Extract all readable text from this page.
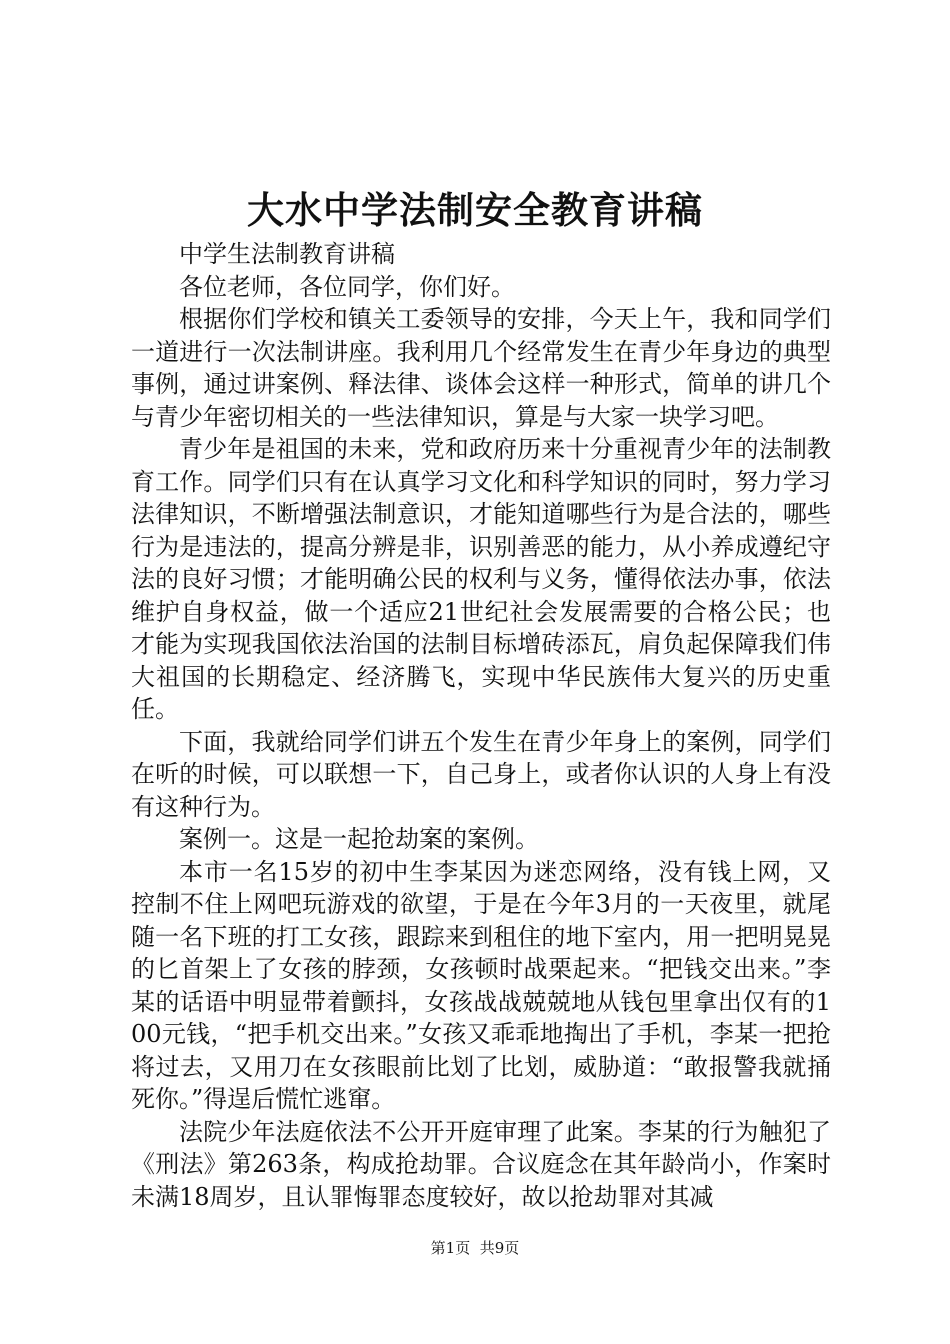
大水中学法制安全教育讲稿

中学生法制教育讲稿

各位老师，各位同学，你们好。

根据你们学校和镇关工委领导的安排，今天上午，我和同学们一道进行一次法制讲座。我利用几个经常发生在青少年身边的典型事例，通过讲案例、释法律、谈体会这样一种形式，简单的讲几个与青少年密切相关的一些法律知识，算是与大家一块学习吧。

青少年是祖国的未来，党和政府历来十分重视青少年的法制教育工作。同学们只有在认真学习文化和科学知识的同时，努力学习法律知识，不断增强法制意识，才能知道哪些行为是合法的，哪些行为是违法的，提高分辨是非，识别善恶的能力，从小养成遵纪守法的良好习惯；才能明确公民的权利与义务，懂得依法办事，依法维护自身权益，做一个适应21世纪社会发展需要的合格公民；也才能为实现我国依法治国的法制目标增砖添瓦，肩负起保障我们伟大祖国的长期稳定、经济腾飞，实现中华民族伟大复兴的历史重任。

下面，我就给同学们讲五个发生在青少年身上的案例，同学们在听的时候，可以联想一下，自己身上，或者你认识的人身上有没有这种行为。

案例一。这是一起抢劫案的案例。

本市一名15岁的初中生李某因为迷恋网络，没有钱上网，又控制不住上网吧玩游戏的欲望，于是在今年3月的一天夜里，就尾随一名下班的打工女孩，跟踪来到租住的地下室内，用一把明晃晃的匕首架上了女孩的脖颈，女孩顿时战栗起来。“把钱交出来。”李某的话语中明显带着颤抖，女孩战战兢兢地从钱包里拿出仅有的100元钱，“把手机交出来。”女孩又乖乖地掏出了手机，李某一把抢将过去，又用刀在女孩眼前比划了比划，威胁道：“敢报警我就捅死你。”得逞后慌忙逃窜。

法院少年法庭依法不公开开庭审理了此案。李某的行为触犯了《刑法》第263条，构成抢劫罪。合议庭念在其年龄尚小，作案时未满18周岁，且认罪悔罪态度较好，故以抢劫罪对其减

第1页 共9页
